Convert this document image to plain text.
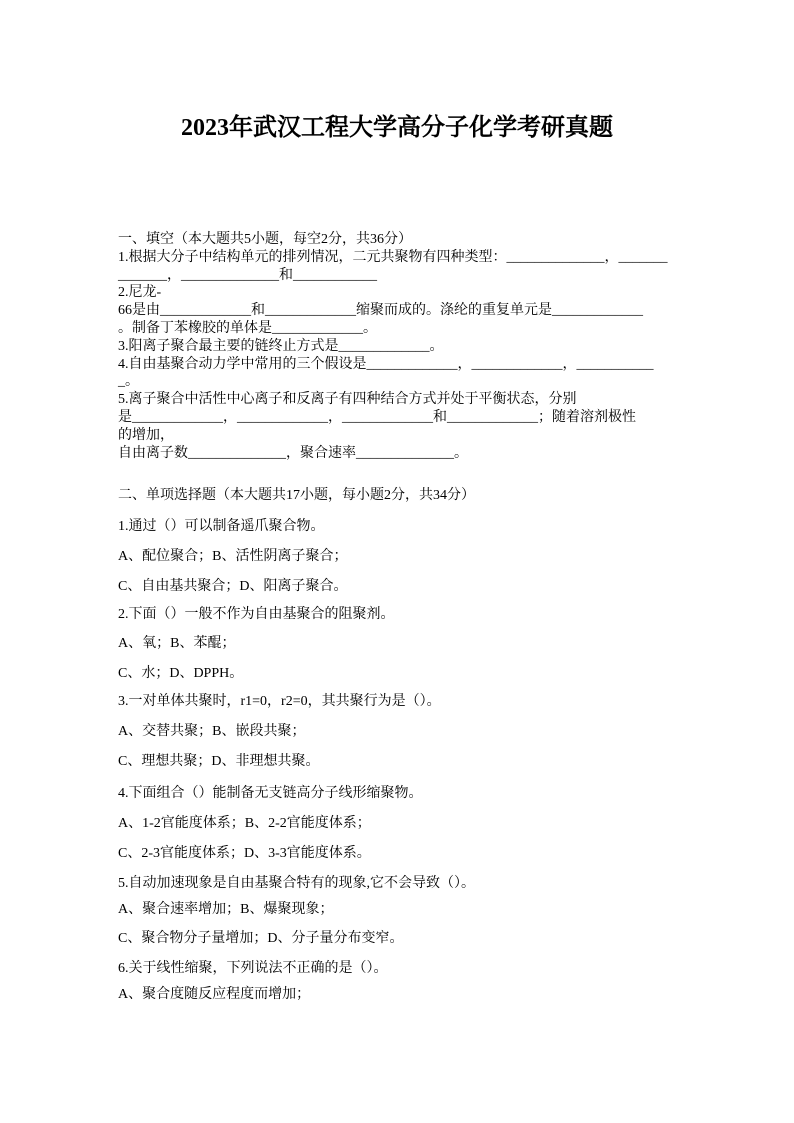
2023年武汉工程大学高分子化学考研真题

一、填空（本大题共5小题，每空2分，共36分）

1.根据大分子中结构单元的排列情况，二元共聚物有四种类型：______________，_______

_______，______________和____________

2.尼龙-

66是由_____________和_____________缩聚而成的。涤纶的重复单元是_____________

。制备丁苯橡胶的单体是_____________。

3.阳离子聚合最主要的链终止方式是_____________。

4.自由基聚合动力学中常用的三个假设是_____________，_____________，___________

_。

5.离子聚合中活性中心离子和反离子有四种结合方式并处于平衡状态，分别

是_____________，_____________，_____________和_____________；随着溶剂极性

的增加，

自由离子数______________，聚合速率______________。

二、单项选择题（本大题共17小题，每小题2分，共34分）

1.通过（）可以制备遥爪聚合物。

A、配位聚合；B、活性阴离子聚合；

C、自由基共聚合；D、阳离子聚合。

2.下面（）一般不作为自由基聚合的阻聚剂。

A、氧；B、苯醌；

C、水；D、DPPH。

3.一对单体共聚时，r1=0，r2=0，其共聚行为是（）。

A、交替共聚；B、嵌段共聚；

C、理想共聚；D、非理想共聚。

4.下面组合（）能制备无支链高分子线形缩聚物。

A、1-2官能度体系；B、2-2官能度体系；

C、2-3官能度体系；D、3-3官能度体系。

5.自动加速现象是自由基聚合特有的现象,它不会导致（）。

A、聚合速率增加；B、爆聚现象；

C、聚合物分子量增加；D、分子量分布变窄。

6.关于线性缩聚，下列说法不正确的是（）。

A、聚合度随反应程度而增加；
